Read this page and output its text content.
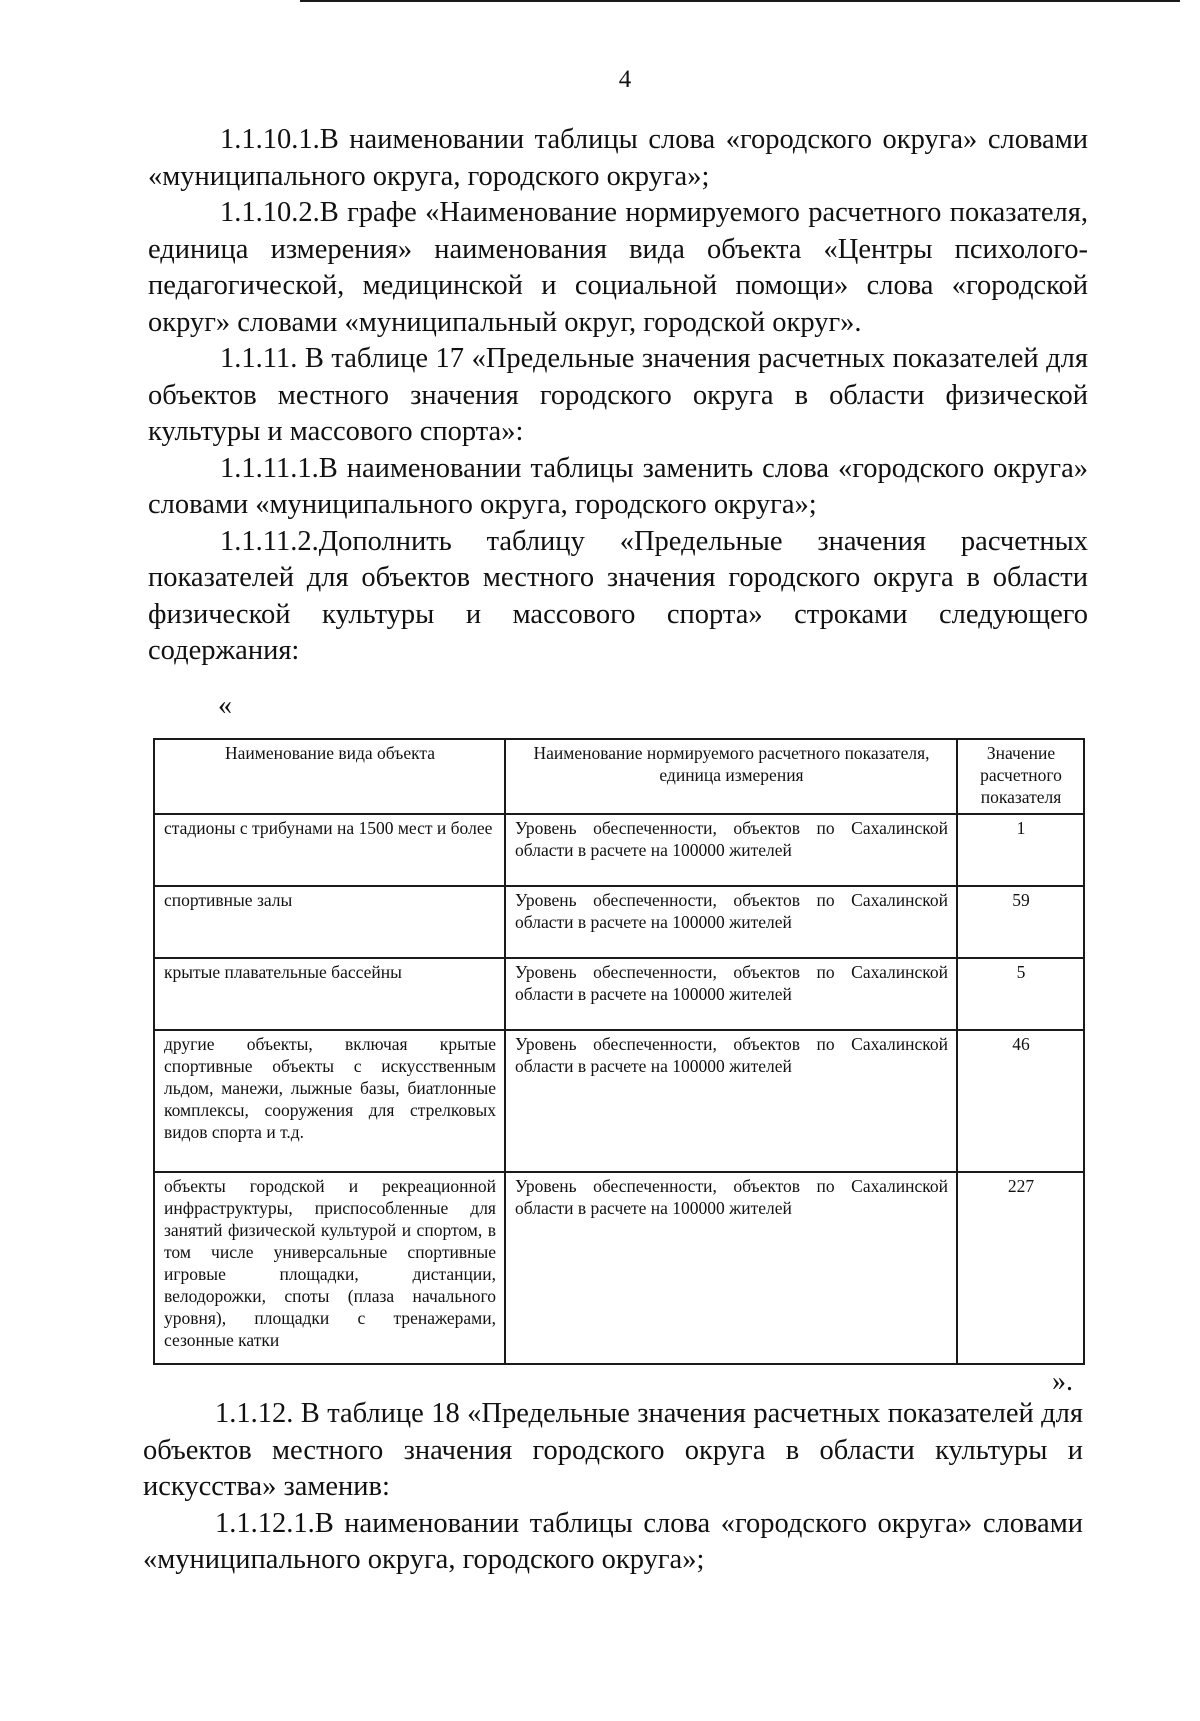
4

1.1.10.1.В наименовании таблицы слова «городского округа» словами «муниципального округа, городского округа»;

1.1.10.2.В графе «Наименование нормируемого расчетного показателя, единица измерения» наименования вида объекта «Центры психолого-педагогической, медицинской и социальной помощи» слова «городской округ» словами «муниципальный округ, городской округ».

1.1.11. В таблице 17 «Предельные значения расчетных показателей для объектов местного значения городского округа в области физической культуры и массового спорта»:

1.1.11.1.В наименовании таблицы заменить слова «городского округа» словами «муниципального округа, городского округа»;

1.1.11.2.Дополнить таблицу «Предельные значения расчетных показателей для объектов местного значения городского округа в области физической культуры и массового спорта» строками следующего содержания:

«
Наименование вида объекта	Наименование нормируемого расчетного показателя, единица измерения	Значение расчетного показателя
стадионы с трибунами на 1500 мест и более	Уровень обеспеченности, объектов по Сахалинской области в расчете на 100000 жителей	1
спортивные залы	Уровень обеспеченности, объектов по Сахалинской области в расчете на 100000 жителей	59
крытые плавательные бассейны	Уровень обеспеченности, объектов по Сахалинской области в расчете на 100000 жителей	5
другие объекты, включая крытые спортивные объекты с искусственным льдом, манежи, лыжные базы, биатлонные комплексы, сооружения для стрелковых видов спорта и т.д.	Уровень обеспеченности, объектов по Сахалинской области в расчете на 100000 жителей	46
объекты городской и рекреационной инфраструктуры, приспособленные для занятий физической культурой и спортом, в том числе универсальные спортивные игровые площадки, дистанции, велодорожки, споты (плаза начального уровня), площадки с тренажерами, сезонные катки	Уровень обеспеченности, объектов по Сахалинской области в расчете на 100000 жителей	227
».

1.1.12. В таблице 18 «Предельные значения расчетных показателей для объектов местного значения городского округа в области культуры и искусства» заменив:

1.1.12.1.В наименовании таблицы слова «городского округа» словами «муниципального округа, городского округа»;
